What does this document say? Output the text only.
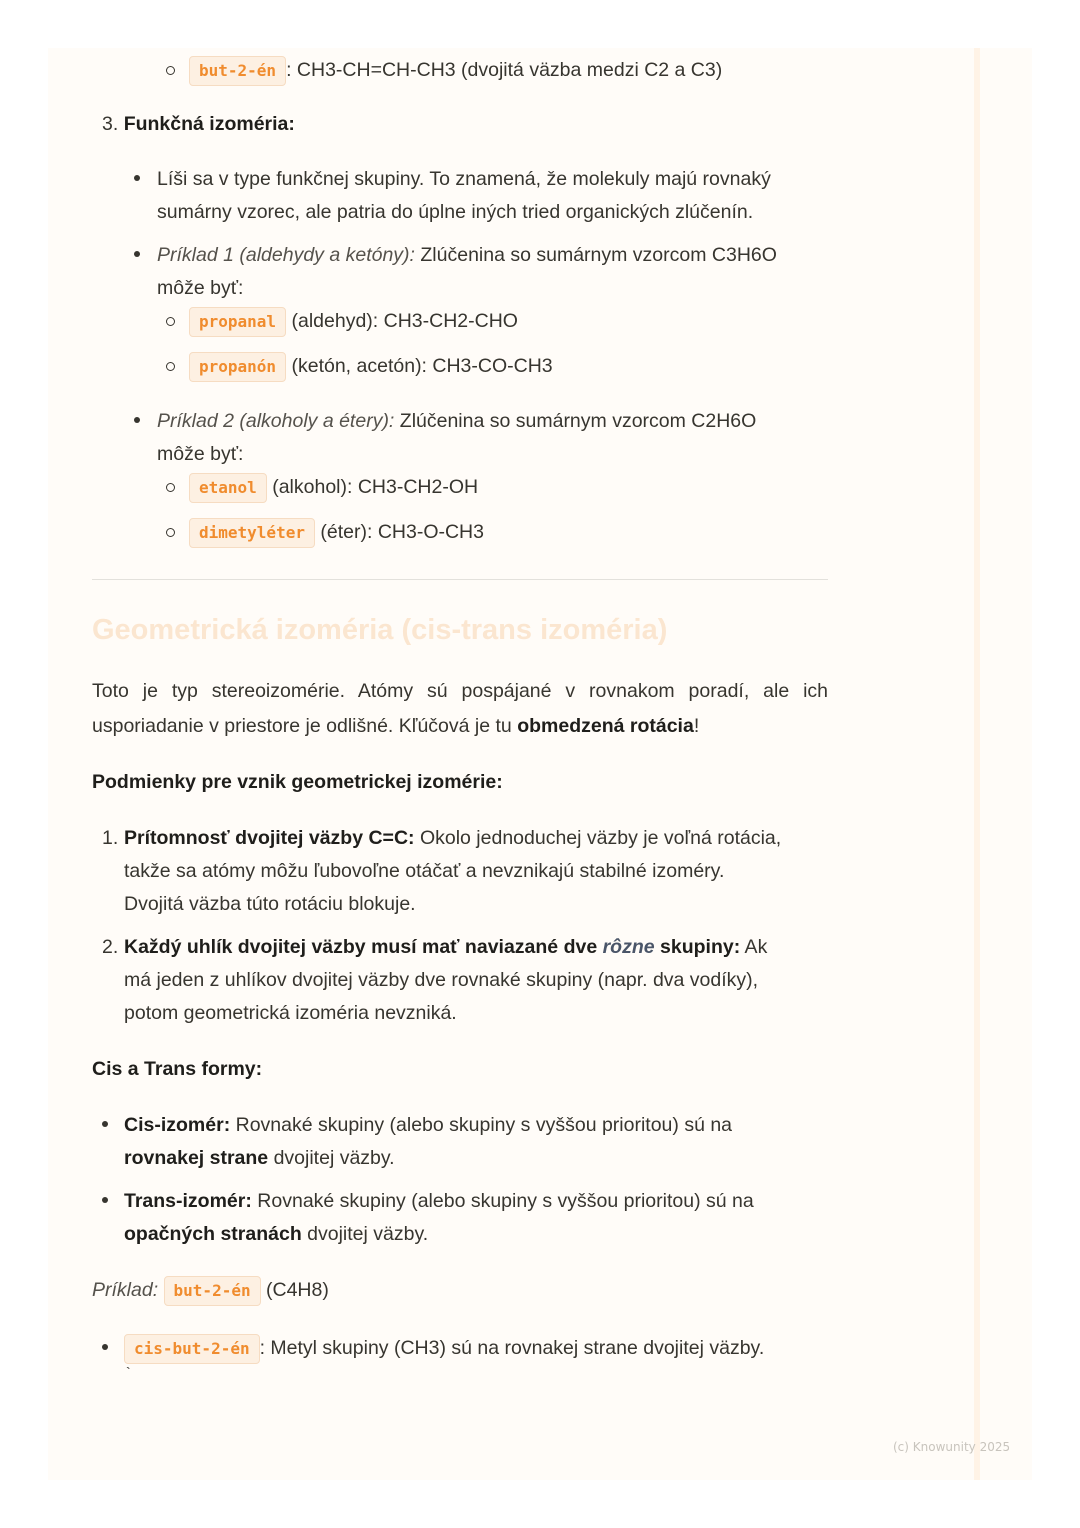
but-2-én : CH3-CH=CH-CH3 (dvojitá väzba medzi C2 a C3)
3. Funkčná izoméria:
Líši sa v type funkčnej skupiny. To znamená, že molekuly majú rovnaký
sumárny vzorec, ale patria do úplne iných tried organických zlúčenín.
Príklad 1 (aldehydy a ketóny): Zlúčenina so sumárnym vzorcom C3H6O
môže byť:
propanal (aldehyd): CH3-CH2-CHO
propanón (ketón, acetón): CH3-CO-CH3
Príklad 2 (alkoholy a étery): Zlúčenina so sumárnym vzorcom C2H6O
môže byť:
etanol (alkohol): CH3-CH2-OH
dimetyléter (éter): CH3-O-CH3
Geometrická izoméria (cis-trans izoméria)
Toto je typ stereoizomérie. Atómy sú pospájané v rovnakom poradí, ale ich
usporiadanie v priestore je odlišné. Kľúčová je tu obmedzená rotácia!
Podmienky pre vznik geometrickej izomérie:
1. Prítomnosť dvojitej väzby C=C: Okolo jednoduchej väzby je voľná rotácia,
takže sa atómy môžu ľubovoľne otáčať a nevznikajú stabilné izoméry.
Dvojitá väzba túto rotáciu blokuje.
2. Každý uhlík dvojitej väzby musí mať naviazané dve rôzne skupiny: Ak
má jeden z uhlíkov dvojitej väzby dve rovnaké skupiny (napr. dva vodíky),
potom geometrická izoméria nevzniká.
Cis a Trans formy:
Cis-izomér: Rovnaké skupiny (alebo skupiny s vyššou prioritou) sú na
rovnakej strane dvojitej väzby.
Trans-izomér: Rovnaké skupiny (alebo skupiny s vyššou prioritou) sú na
opačných stranách dvojitej väzby.
Príklad: but-2-én (C4H8)
cis-but-2-én : Metyl skupiny (CH3) sú na rovnakej strane dvojitej väzby.
`
(c) Knowunity 2025
